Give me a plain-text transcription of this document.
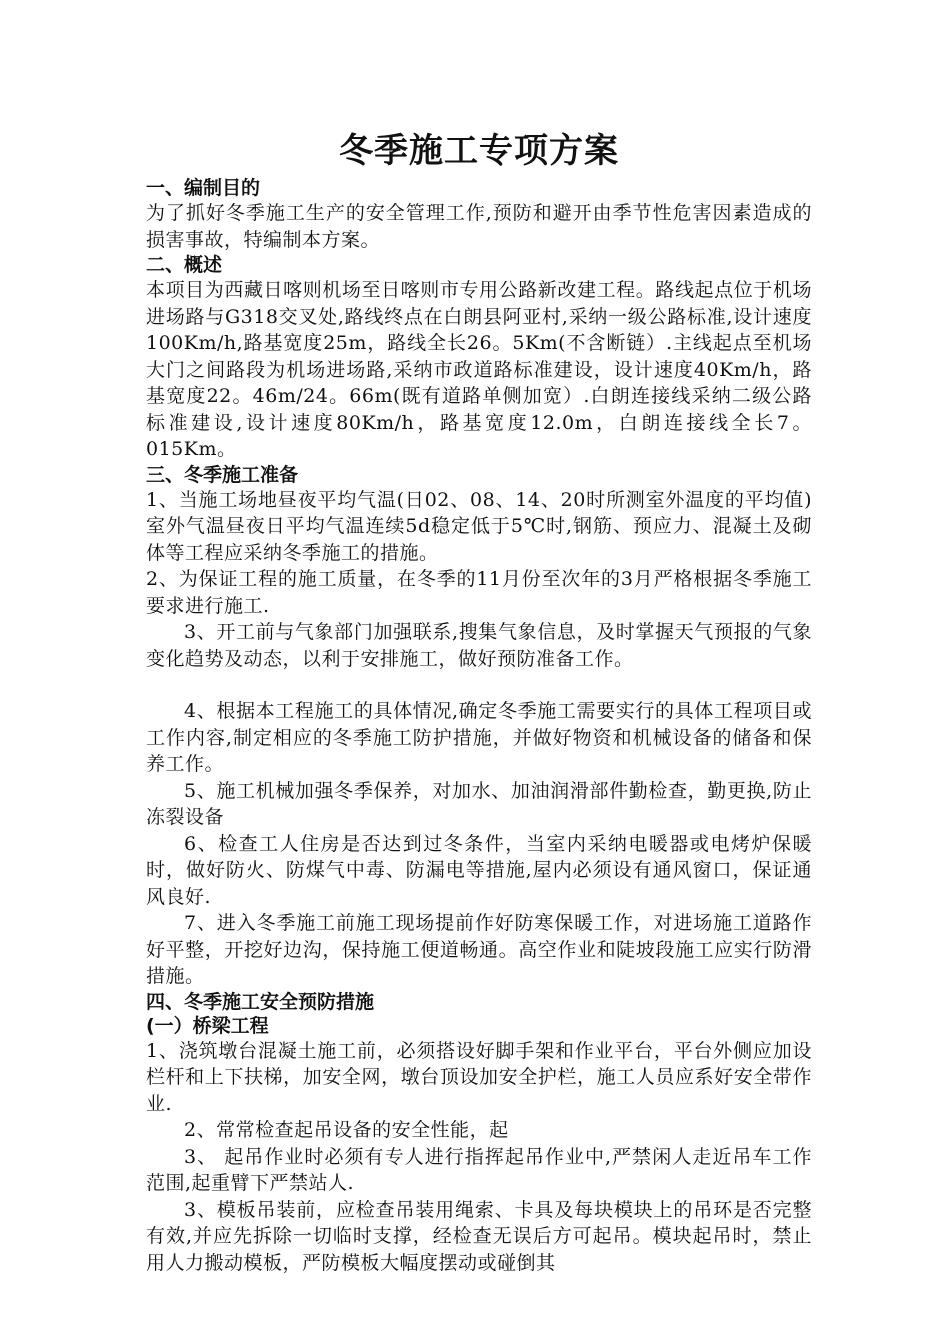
冬季施工专项方案

一、编制目的

为了抓好冬季施工生产的安全管理工作,预防和避开由季节性危害因素造成的损害事故，特编制本方案。

二、概述

本项目为西藏日喀则机场至日喀则市专用公路新改建工程。路线起点位于机场进场路与G318交叉处,路线终点在白朗县阿亚村,采纳一级公路标准,设计速度100Km/h,路基宽度25m，路线全长26。5Km(不含断链）.主线起点至机场大门之间路段为机场进场路,采纳市政道路标准建设，设计速度40Km/h，路基宽度22。46m/24。66m(既有道路单侧加宽）.白朗连接线采纳二级公路标准建设,设计速度80Km/h，路基宽度12.0m，白朗连接线全长7。015Km。

三、冬季施工准备

1、当施工场地昼夜平均气温(日02、08、14、20时所测室外温度的平均值)室外气温昼夜日平均气温连续5d稳定低于5℃时,钢筋、预应力、混凝土及砌体等工程应采纳冬季施工的措施。

2、为保证工程的施工质量，在冬季的11月份至次年的3月严格根据冬季施工要求进行施工.

3、开工前与气象部门加强联系,搜集气象信息，及时掌握天气预报的气象变化趋势及动态，以利于安排施工，做好预防准备工作。

4、根据本工程施工的具体情况,确定冬季施工需要实行的具体工程项目或工作内容,制定相应的冬季施工防护措施，并做好物资和机械设备的储备和保养工作。

5、施工机械加强冬季保养，对加水、加油润滑部件勤检查，勤更换,防止冻裂设备

6、检查工人住房是否达到过冬条件，当室内采纳电暖器或电烤炉保暖时，做好防火、防煤气中毒、防漏电等措施,屋内必须设有通风窗口，保证通风良好.

7、进入冬季施工前施工现场提前作好防寒保暖工作，对进场施工道路作好平整，开挖好边沟，保持施工便道畅通。高空作业和陡坡段施工应实行防滑措施。

四、冬季施工安全预防措施

(一）桥梁工程

1、浇筑墩台混凝土施工前，必须搭设好脚手架和作业平台，平台外侧应加设栏杆和上下扶梯，加安全网，墩台顶设加安全护栏，施工人员应系好安全带作业.

2、常常检查起吊设备的安全性能，起

3、 起吊作业时必须有专人进行指挥起吊作业中,严禁闲人走近吊车工作范围,起重臂下严禁站人.

3、模板吊装前，应检查吊装用绳索、卡具及每块模块上的吊环是否完整有效,并应先拆除一切临时支撑，经检查无误后方可起吊。模块起吊时，禁止用人力搬动模板，严防模板大幅度摆动或碰倒其
